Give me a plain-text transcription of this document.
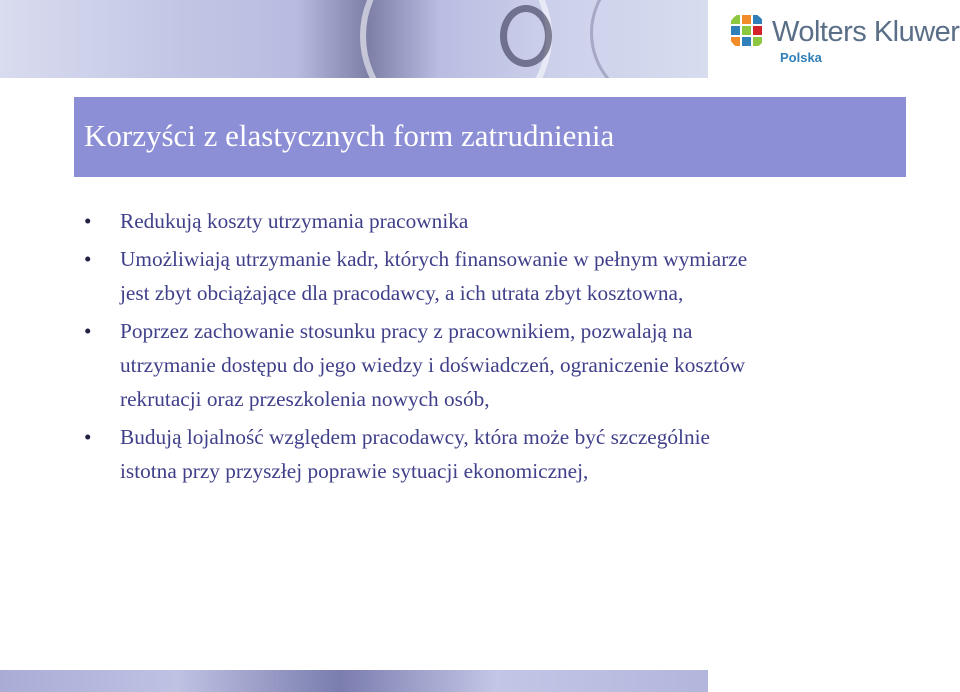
Wolters Kluwer
Polska
Korzyści z elastycznych form zatrudnienia
• Redukują koszty utrzymania pracownika
• Umożliwiają utrzymanie kadr, których finansowanie w pełnym wymiarze
jest zbyt obciążające dla pracodawcy, a ich utrata zbyt kosztowna,
• Poprzez zachowanie stosunku pracy z pracownikiem, pozwalają na
utrzymanie dostępu do jego wiedzy i doświadczeń, ograniczenie kosztów
rekrutacji oraz przeszkolenia nowych osób,
• Budują lojalność względem pracodawcy, która może być szczególnie
istotna przy przyszłej poprawie sytuacji ekonomicznej,
